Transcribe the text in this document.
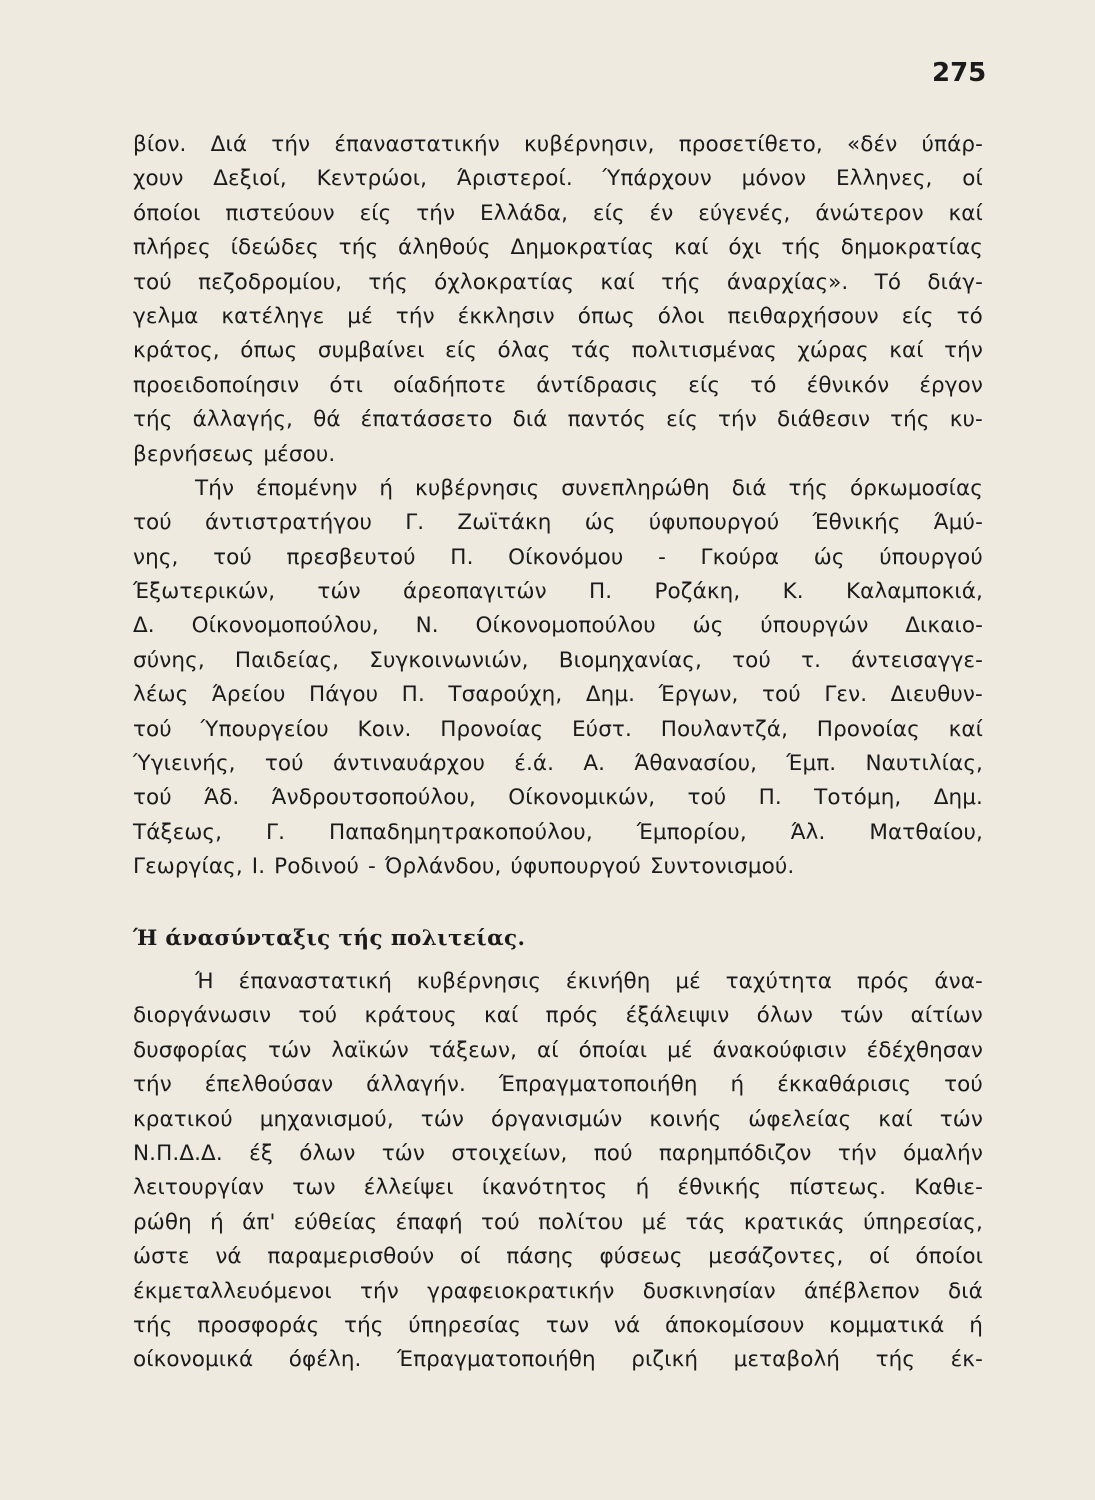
275
βίον. Διά τήν έπαναστατικήν κυβέρνησιν, προσετίθετο, «δέν ύπάρ-
χουν Δεξιοί, Κεντρώοι, Άριστεροί. Ύπάρχουν μόνον Ελληνες, οί
όποίοι πιστεύουν είς τήν Ελλάδα, είς έν εύγενές, άνώτερον καί
πλήρες ίδεώδες τής άληθούς Δημοκρατίας καί όχι τής δημοκρατίας
τού πεζοδρομίου, τής όχλοκρατίας καί τής άναρχίας». Τό διάγ-
γελμα κατέληγε μέ τήν έκκλησιν όπως όλοι πειθαρχήσουν είς τό
κράτος, όπως συμβαίνει είς όλας τάς πολιτισμένας χώρας καί τήν
προειδοποίησιν ότι οίαδήποτε άντίδρασις είς τό έθνικόν έργον
τής άλλαγής, θά έπατάσσετο διά παντός είς τήν διάθεσιν τής κυ-
βερνήσεως μέσου.
Τήν έπομένην ή κυβέρνησις συνεπληρώθη διά τής όρκωμοσίας
τού άντιστρατήγου Γ. Ζωϊτάκη ώς ύφυπουργού Έθνικής Άμύ-
νης, τού πρεσβευτού Π. Οίκονόμου - Γκούρα ώς ύπουργού
Έξωτερικών, τών άρεοπαγιτών Π. Ροζάκη, Κ. Καλαμποκιά,
Δ. Οίκονομοπούλου, Ν. Οίκονομοπούλου ώς ύπουργών Δικαιο-
σύνης, Παιδείας, Συγκοινωνιών, Βιομηχανίας, τού τ. άντεισαγγε-
λέως Άρείου Πάγου Π. Τσαρούχη, Δημ. Έργων, τού Γεν. Διευθυν-
τού Ύπουργείου Κοιν. Προνοίας Εύστ. Πουλαντζά, Προνοίας καί
Ύγιεινής, τού άντιναυάρχου έ.ά. Α. Άθανασίου, Έμπ. Ναυτιλίας,
τού Άδ. Άνδρουτσοπούλου, Οίκονομικών, τού Π. Τοτόμη, Δημ.
Τάξεως, Γ. Παπαδημητρακοπούλου, Έμπορίου, Άλ. Ματθαίου,
Γεωργίας, Ι. Ροδινού - Όρλάνδου, ύφυπουργού Συντονισμού.
Ή άνασύνταξις τής πολιτείας.
Ή έπαναστατική κυβέρνησις έκινήθη μέ ταχύτητα πρός άνα-
διοργάνωσιν τού κράτους καί πρός έξάλειψιν όλων τών αίτίων
δυσφορίας τών λαϊκών τάξεων, αί όποίαι μέ άνακούφισιν έδέχθησαν
τήν έπελθούσαν άλλαγήν. Έπραγματοποιήθη ή έκκαθάρισις τού
κρατικού μηχανισμού, τών όργανισμών κοινής ώφελείας καί τών
Ν.Π.Δ.Δ. έξ όλων τών στοιχείων, πού παρημπόδιζον τήν όμαλήν
λειτουργίαν των έλλείψει ίκανότητος ή έθνικής πίστεως. Καθιε-
ρώθη ή άπ' εύθείας έπαφή τού πολίτου μέ τάς κρατικάς ύπηρεσίας,
ώστε νά παραμερισθούν οί πάσης φύσεως μεσάζοντες, οί όποίοι
έκμεταλλευόμενοι τήν γραφειοκρατικήν δυσκινησίαν άπέβλεπον διά
τής προσφοράς τής ύπηρεσίας των νά άποκομίσουν κομματικά ή
οίκονομικά όφέλη. Έπραγματοποιήθη ριζική μεταβολή τής έκ-
